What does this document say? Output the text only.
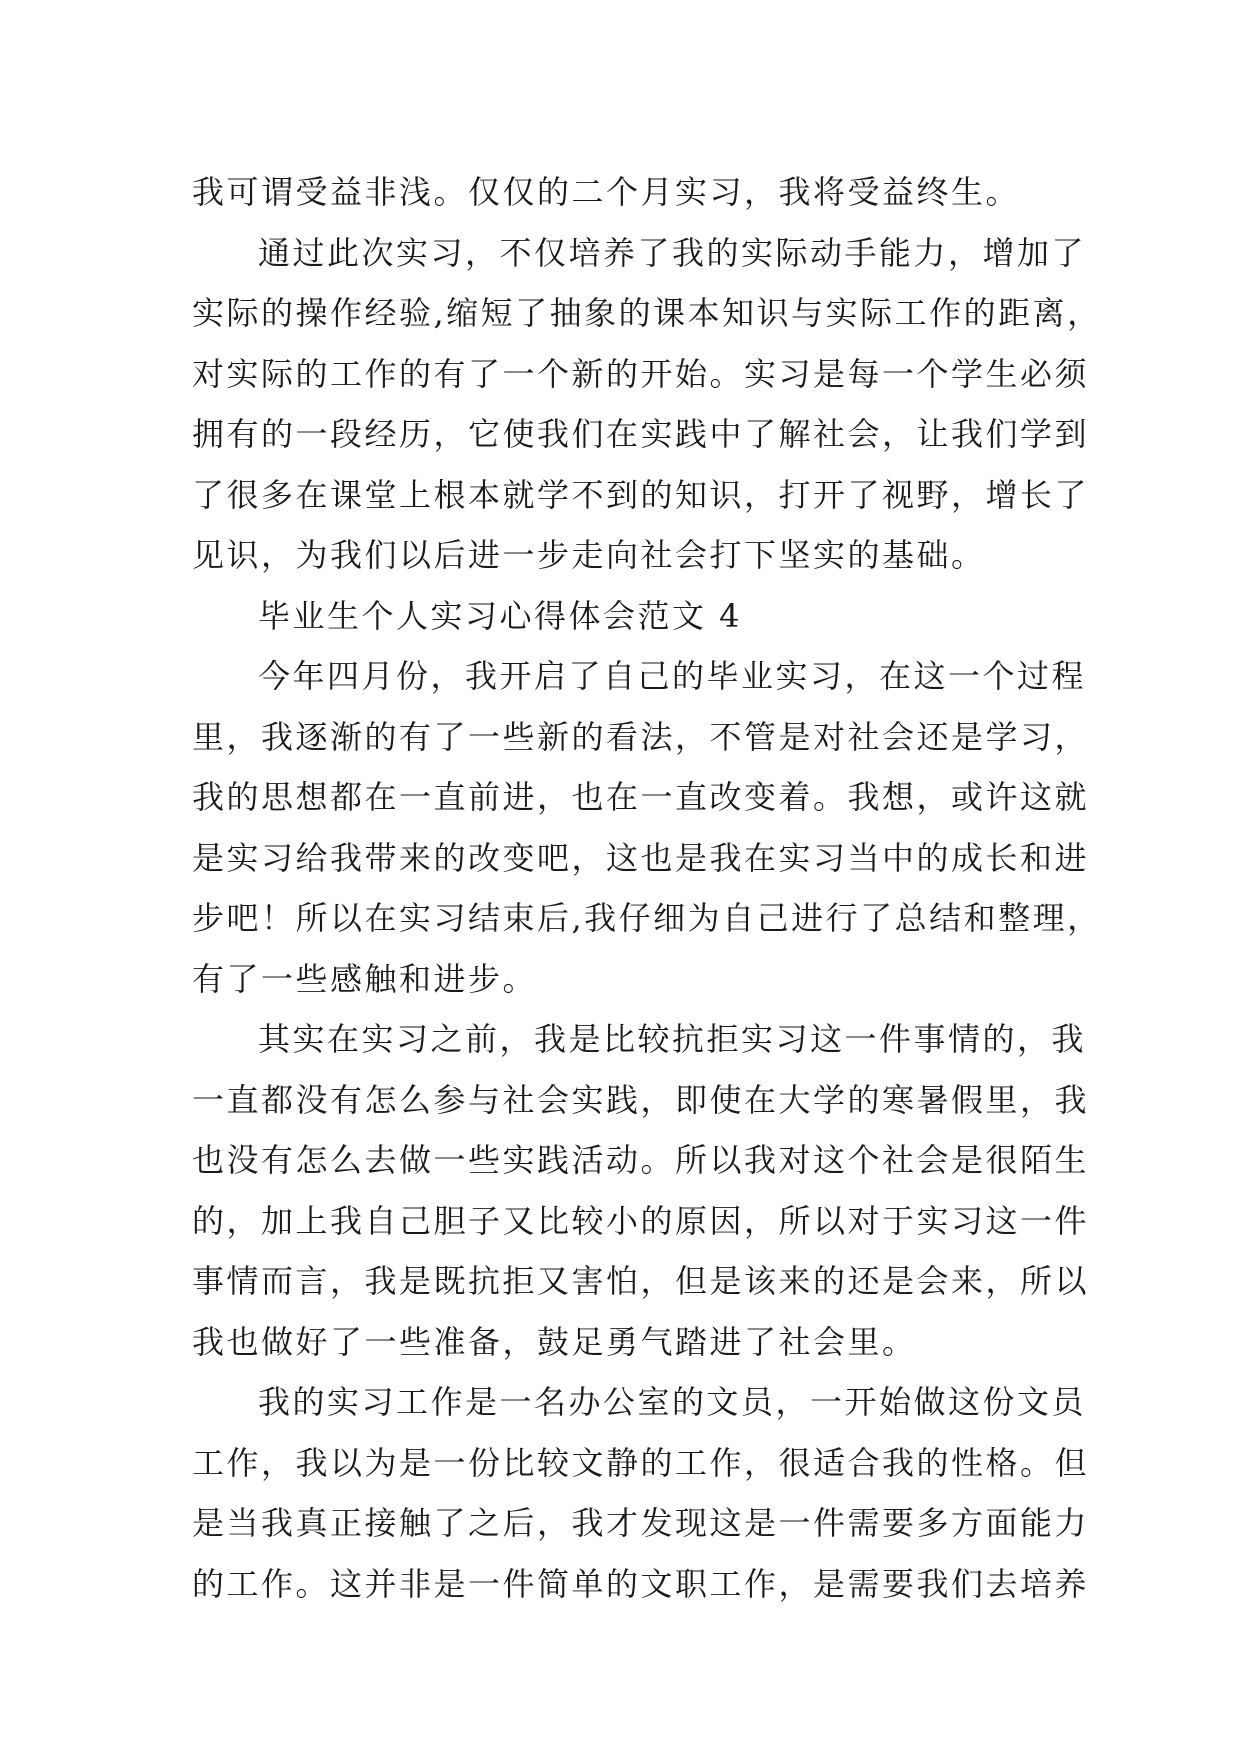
我可谓受益非浅。仅仅的二个月实习，我将受益终生。
通过此次实习，不仅培养了我的实际动手能力，增加了
实际的操作经验,缩短了抽象的课本知识与实际工作的距离，
对实际的工作的有了一个新的开始。实习是每一个学生必须
拥有的一段经历，它使我们在实践中了解社会，让我们学到
了很多在课堂上根本就学不到的知识，打开了视野，增长了
见识，为我们以后进一步走向社会打下坚实的基础。
毕业生个人实习心得体会范文 4
今年四月份，我开启了自己的毕业实习，在这一个过程
里，我逐渐的有了一些新的看法，不管是对社会还是学习，
我的思想都在一直前进，也在一直改变着。我想，或许这就
是实习给我带来的改变吧，这也是我在实习当中的成长和进
步吧！所以在实习结束后,我仔细为自己进行了总结和整理，
有了一些感触和进步。
其实在实习之前，我是比较抗拒实习这一件事情的，我
一直都没有怎么参与社会实践，即使在大学的寒暑假里，我
也没有怎么去做一些实践活动。所以我对这个社会是很陌生
的，加上我自己胆子又比较小的原因，所以对于实习这一件
事情而言，我是既抗拒又害怕，但是该来的还是会来，所以
我也做好了一些准备，鼓足勇气踏进了社会里。
我的实习工作是一名办公室的文员，一开始做这份文员
工作，我以为是一份比较文静的工作，很适合我的性格。但
是当我真正接触了之后，我才发现这是一件需要多方面能力
的工作。这并非是一件简单的文职工作，是需要我们去培养
